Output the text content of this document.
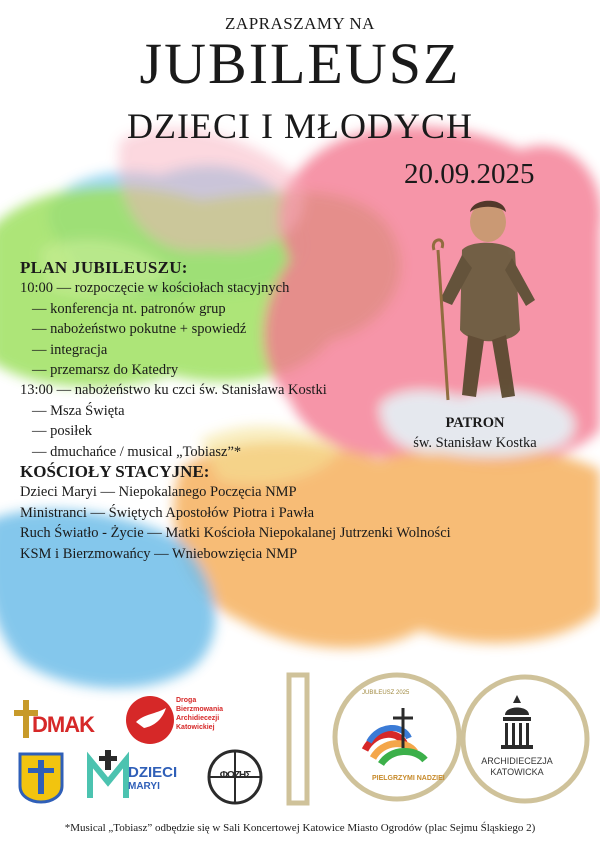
ZAPRASZAMY NA
JUBILEUSZ
DZIECI I MŁODYCH
20.09.2025
PLAN JUBILEUSZU:
10:00 — rozpoczęcie w kościołach stacyjnych
— konferencja nt. patronów grup
— nabożeństwo pokutne + spowiedź
— integracja
— przemarsz do Katedry
13:00 — nabożeństwo ku czci św. Stanisława Kostki
— Msza Święta
— posiłek
— dmuchańce / musical „Tobiasz”*
PATRON
św. Stanisław Kostka
KOŚCIOŁY STACYJNE:
Dzieci Maryi — Niepokalanego Poczęcia NMP
Ministranci — Świętych Apostołów Piotra i Pawła
Ruch Światło - Życie — Matki Kościoła Niepokalanej Jutrzenki Wolności
KSM i Bierzmowańcy — Wniebowzięcia NMP
JUBILEUSZ 2025
PIELGRZYMI NADZIEI
ARCHIDIECEZJA
KATOWICKA
DMAK
Droga
Bierzmowania
Archidiecezji
Katowickiej
DZIECI
MARYI
ΦΩΖΗΣ
*Musical „Tobiasz” odbędzie się w Sali Koncertowej Katowice Miasto Ogrodów (plac Sejmu Śląskiego 2)
